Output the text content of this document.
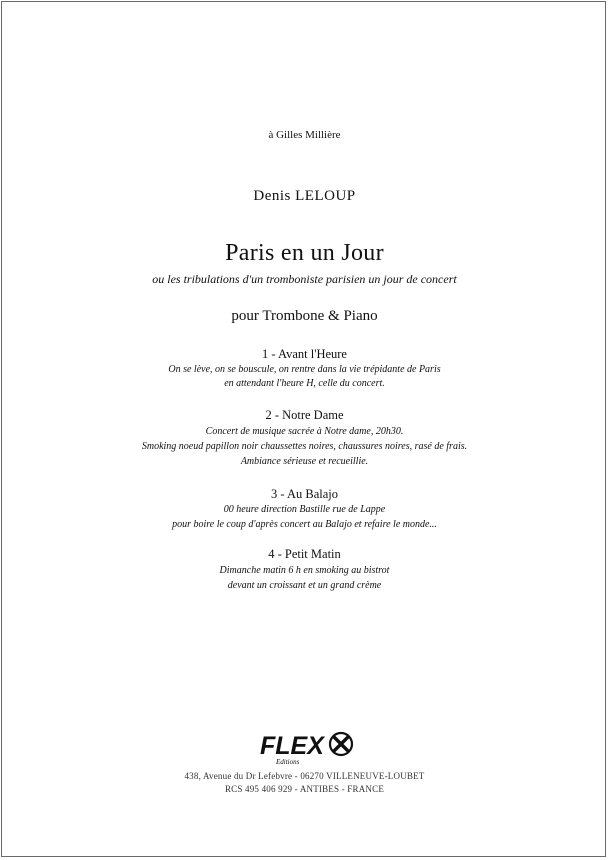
à Gilles Millière
Denis LELOUP
Paris en un Jour
ou les tribulations d'un tromboniste parisien un jour de concert
pour Trombone & Piano
1 - Avant l'Heure
On se lève, on se bouscule, on rentre dans la vie trépidante de Paris
en attendant l'heure H, celle du concert.
2 - Notre Dame
Concert de musique sacrée à Notre dame, 20h30.
Smoking noeud papillon noir chaussettes noires, chaussures noires, rasé de frais.
Ambiance sérieuse et recueillie.
3 - Au Balajo
00 heure direction Bastille rue de Lappe
pour boire le coup d'après concert au Balajo et refaire le monde...
4 - Petit Matin
Dimanche matin 6 h en smoking au bistrot
devant un croissant et un grand crème
FLEX
Editions
438, Avenue du Dr Lefebvre - 06270 VILLENEUVE-LOUBET
RCS 495 406 929 - ANTIBES - FRANCE
